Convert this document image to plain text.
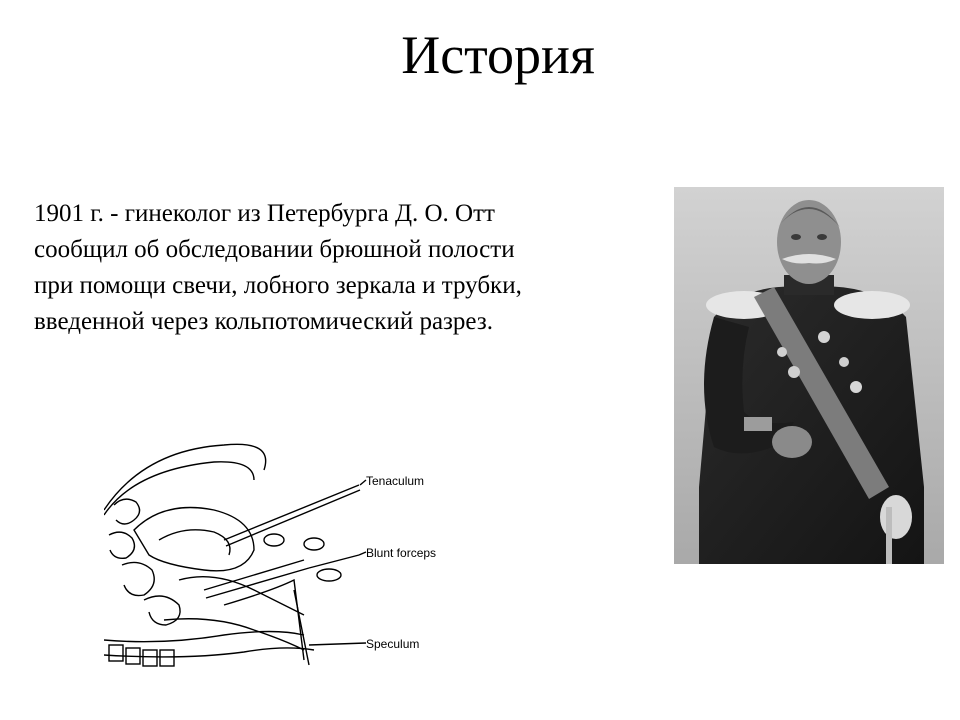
История

1901 г. - гинеколог из Петербурга Д. О. Отт
сообщил об обследовании брюшной полости
при помощи свечи, лобного зеркала и трубки,
введенной через кольпотомический разрез.

Tenaculum
Blunt forceps
Speculum
